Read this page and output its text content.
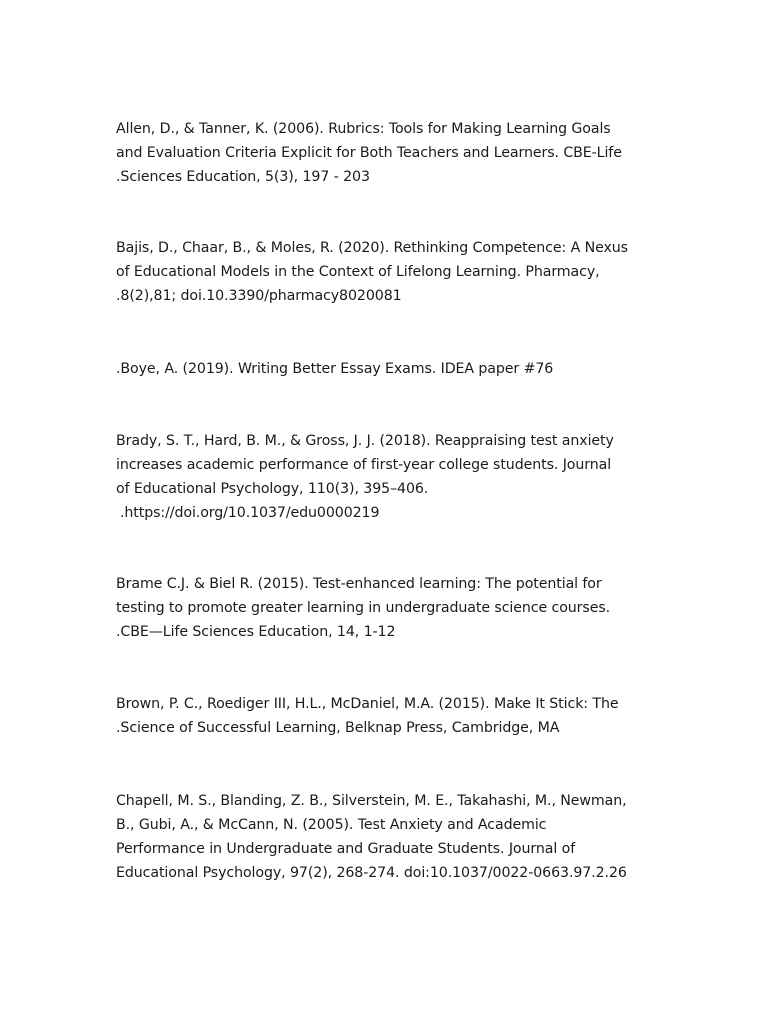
Allen, D., & Tanner, K. (2006). Rubrics: Tools for Making Learning Goals
and Evaluation Criteria Explicit for Both Teachers and Learners. CBE-Life
.Sciences Education, 5(3), 197 - 203

Bajis, D., Chaar, B., & Moles, R. (2020). Rethinking Competence: A Nexus
of Educational Models in the Context of Lifelong Learning. Pharmacy,
.8(2),81; doi.10.3390/pharmacy8020081

.Boye, A. (2019). Writing Better Essay Exams. IDEA paper #76

Brady, S. T., Hard, B. M., & Gross, J. J. (2018). Reappraising test anxiety
increases academic performance of first-year college students. Journal
of Educational Psychology, 110(3), 395–406.
.https://doi.org/10.1037/edu0000219

Brame C.J. & Biel R. (2015). Test-enhanced learning: The potential for
testing to promote greater learning in undergraduate science courses.
.CBE—Life Sciences Education, 14, 1-12

Brown, P. C., Roediger III, H.L., McDaniel, M.A. (2015). Make It Stick: The
.Science of Successful Learning, Belknap Press, Cambridge, MA

Chapell, M. S., Blanding, Z. B., Silverstein, M. E., Takahashi, M., Newman,
B., Gubi, A., & McCann, N. (2005). Test Anxiety and Academic
Performance in Undergraduate and Graduate Students. Journal of
Educational Psychology, 97(2), 268-274. doi:10.1037/0022-0663.97.2.26
